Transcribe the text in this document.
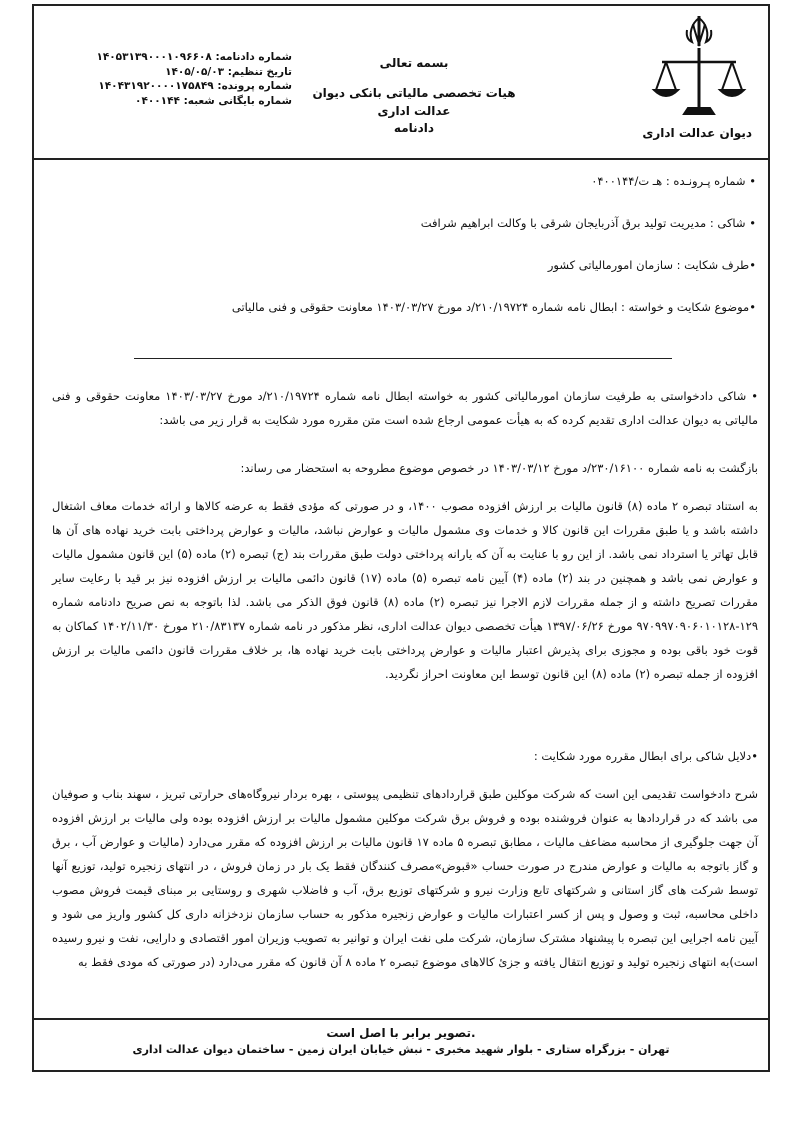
دیوان عدالت اداری
بسمه تعالی
هیات تخصصی مالیاتی بانکی دیوان عدالت اداری
دادنامه
شماره دادنامه: ۱۴۰۵۳۱۳۹۰۰۰۱۰۹۶۶۰۸
تاریخ تنظیم: ۱۴۰۵/۰۵/۰۳
شماره پرونده: ۱۴۰۴۳۱۹۲۰۰۰۰۱۷۵۸۴۹
شماره بایگانی شعبه: ۰۴۰۰۱۴۴

• شماره پـرونـده : هـ ت/۰۴۰۰۱۴۴

• شاکی : مدیریت تولید برق آذربایجان شرقی با وکالت ابراهیم شرافت

•طرف شکایت : سازمان امورمالیاتی کشور

•موضوع شکایت و خواسته : ابطال نامه شماره ۲۱۰/۱۹۷۲۴/د مورخ ۱۴۰۳/۰۳/۲۷ معاونت حقوقی و فنی مالیاتی

• شاکی دادخواستی به طرفیت سازمان امورمالیاتی کشور به خواسته ابطال نامه شماره ۲۱۰/۱۹۷۲۴/د مورخ ۱۴۰۳/۰۳/۲۷ معاونت حقوقی و فنی مالیاتی به دیوان عدالت اداری تقدیم کرده که به هیأت عمومی ارجاع شده است متن مقرره مورد شکایت به قرار زیر می باشد:
بازگشت به نامه شماره ۲۳۰/۱۶۱۰۰/د مورخ ۱۴۰۳/۰۳/۱۲ در خصوص موضوع مطروحه به استحضار می رساند:
به استناد تبصره ۲ ماده (۸) قانون مالیات بر ارزش افزوده مصوب ۱۴۰۰، و در صورتی که مؤدی فقط به عرضه کالاها و ارائه خدمات معاف اشتغال داشته باشد و یا طبق مقررات این قانون کالا و خدمات وی مشمول مالیات و عوارض نباشد، مالیات و عوارض پرداختی بابت خرید نهاده های آن ها قابل تهاتر یا استرداد نمی باشد. از این رو با عنایت به آن که یارانه پرداختی دولت طبق مقررات بند (ج) تبصره (۲) ماده (۵) این قانون مشمول مالیات و عوارض نمی باشد و همچنین در بند (۲) ماده (۴) آیین نامه تبصره (۵) ماده (۱۷) قانون دائمی مالیات بر ارزش افزوده نیز بر قید با رعایت سایر مقررات تصریح داشته و از جمله مقررات لازم الاجرا نیز تبصره (۲) ماده (۸) قانون فوق الذکر می باشد. لذا باتوجه به نص صریح دادنامه شماره ۱۲۹-۹۷۰۹۹۷۰۹۰۶۰۱۰۱۲۸ مورخ ۱۳۹۷/۰۶/۲۶ هیأت تخصصی دیوان عدالت اداری، نظر مذکور در نامه شماره ۲۱۰/۸۳۱۳۷ مورخ ۱۴۰۲/۱۱/۳۰ کماکان به قوت خود باقی بوده و مجوزی برای پذیرش اعتبار مالیات و عوارض پرداختی بابت خرید نهاده ها، بر خلاف مقررات قانون دائمی مالیات بر ارزش افزوده از جمله تبصره (۲) ماده (۸) این قانون توسط این معاونت احراز نگردید.
•دلایل شاکی برای ابطال مقرره مورد شکایت :
شرح دادخواست تقدیمی این است که شرکت موکلین طبق قراردادهای تنظیمی پیوستی ، بهره بردار نیروگاه‌های حرارتی تبریز ، سهند بناب و صوفیان می باشد که در قراردادها به عنوان فروشنده بوده و فروش برق شرکت موکلین مشمول مالیات بر ارزش افزوده بوده ولی مالیات بر ارزش افزوده آن جهت جلوگیری از محاسبه مضاعف مالیات ، مطابق تبصره ۵ ماده ۱۷ قانون مالیات بر ارزش افزوده که مقرر می‌دارد (مالیات و عوارض آب ، برق و گاز باتوجه به مالیات و عوارض مندرج در صورت حساب «قبوض»مصرف کنندگان فقط یک بار در زمان فروش ، در انتهای زنجیره تولید، توزیع آنها توسط شرکت های گاز استانی و شرکتهای تابع وزارت نیرو و شرکتهای توزیع برق، آب و فاضلاب شهری و روستایی بر مبنای قیمت فروش مصوب داخلی محاسبه، ثبت و وصول و پس از کسر اعتبارات مالیات و عوارض زنجیره مذکور به حساب سازمان نزدخزانه داری کل کشور واریز می شود و آیین نامه اجرایی این تبصره با پیشنهاد مشترک سازمان، شرکت ملی نفت ایران و توانیر به تصویب وزیران امور اقتصادی و دارایی، نفت و نیرو رسیده است)به انتهای زنجیره تولید و توزیع انتقال یافته و جزئ کالاهای موضوع تبصره ۲ ماده ۸ آن قانون که مقرر می‌دارد (در صورتی که مودی فقط به
تصویر برابر با اصل است.
تهران - بزرگراه ستاری - بلوار شهید مخبری - نبش خیابان ایران زمین - ساختمان دیوان عدالت اداری
